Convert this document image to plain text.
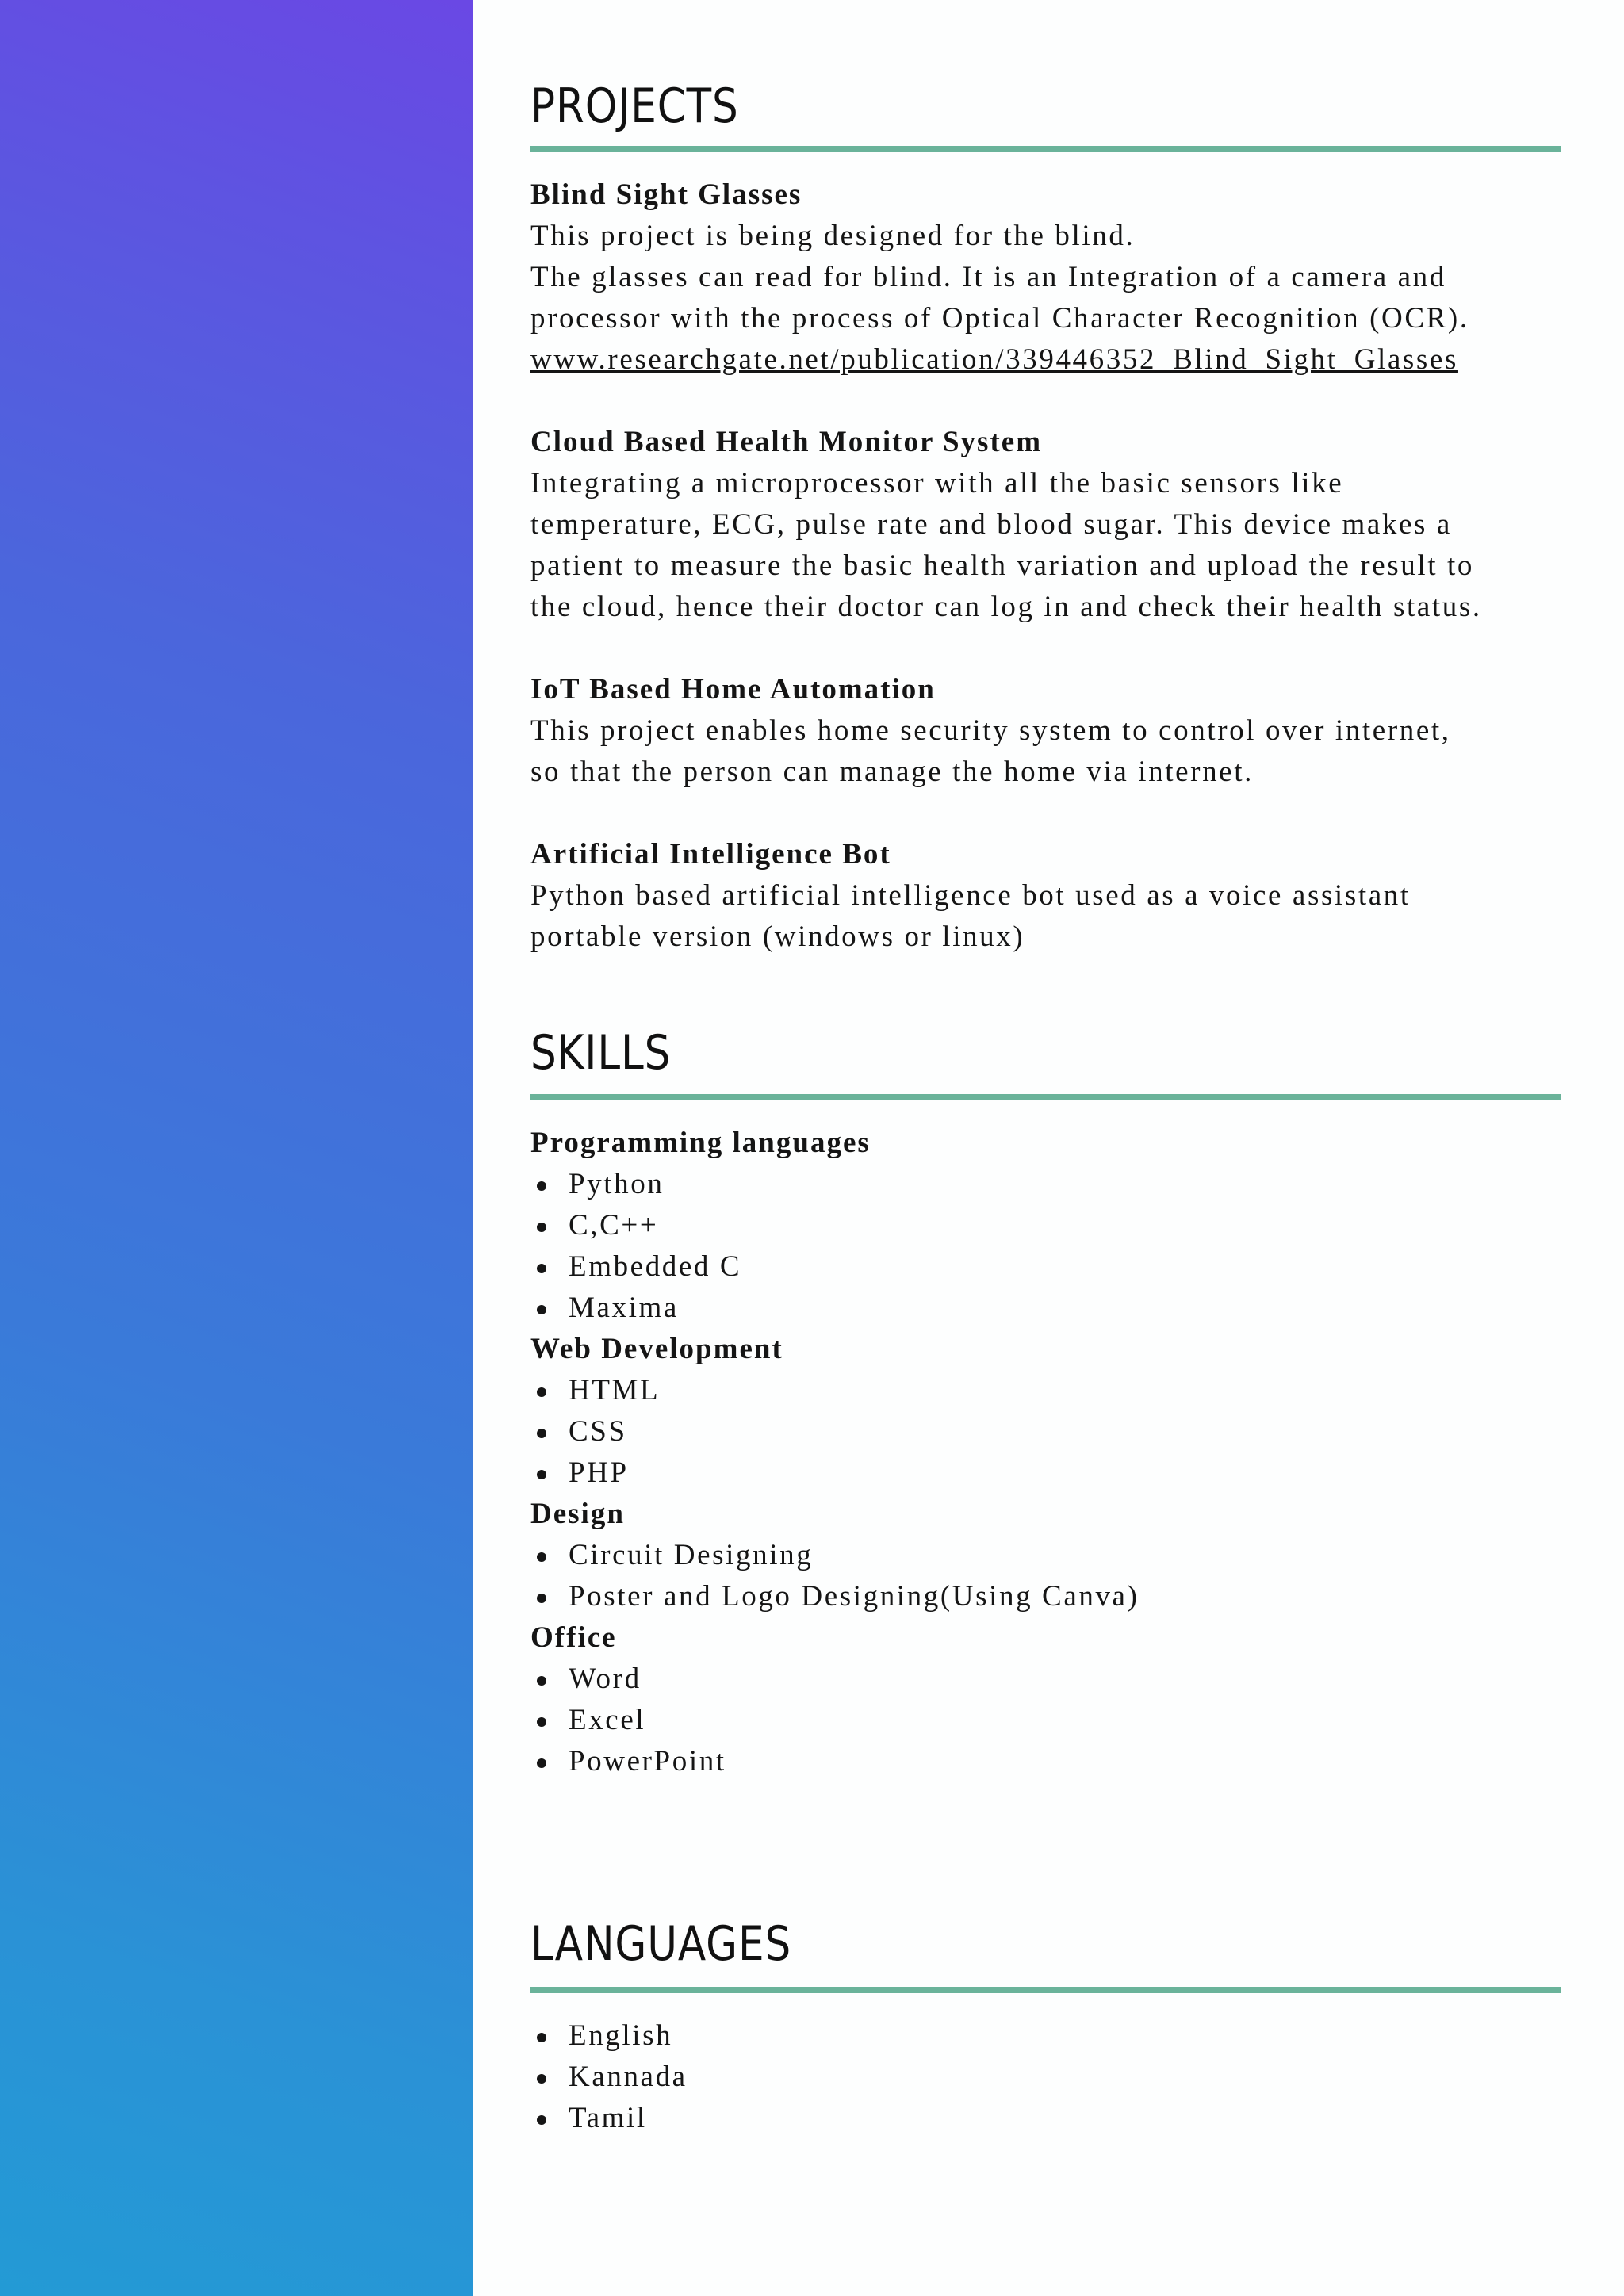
PROJECTS

Blind Sight Glasses

This project is being designed for the blind.

The glasses can read for blind. It is an Integration of a camera and

processor with the process of Optical Character Recognition (OCR).

www.researchgate.net/publication/339446352_Blind_Sight_Glasses

Cloud Based Health Monitor System

Integrating a microprocessor with all the basic sensors like

temperature, ECG, pulse rate and blood sugar. This device makes a

patient to measure the basic health variation and upload the result to

the cloud, hence their doctor can log in and check their health status.

IoT Based Home Automation

This project enables home security system to control over internet,

so that the person can manage the home via internet.

Artificial Intelligence Bot

Python based artificial intelligence bot used as a voice assistant

portable version (windows or linux)

SKILLS

Programming languages

Python
C,C++
Embedded C
Maxima

Web Development

HTML
CSS
PHP

Design

Circuit Designing
Poster and Logo Designing(Using Canva)

Office

Word
Excel
PowerPoint
LANGUAGES
English
Kannada
Tamil
